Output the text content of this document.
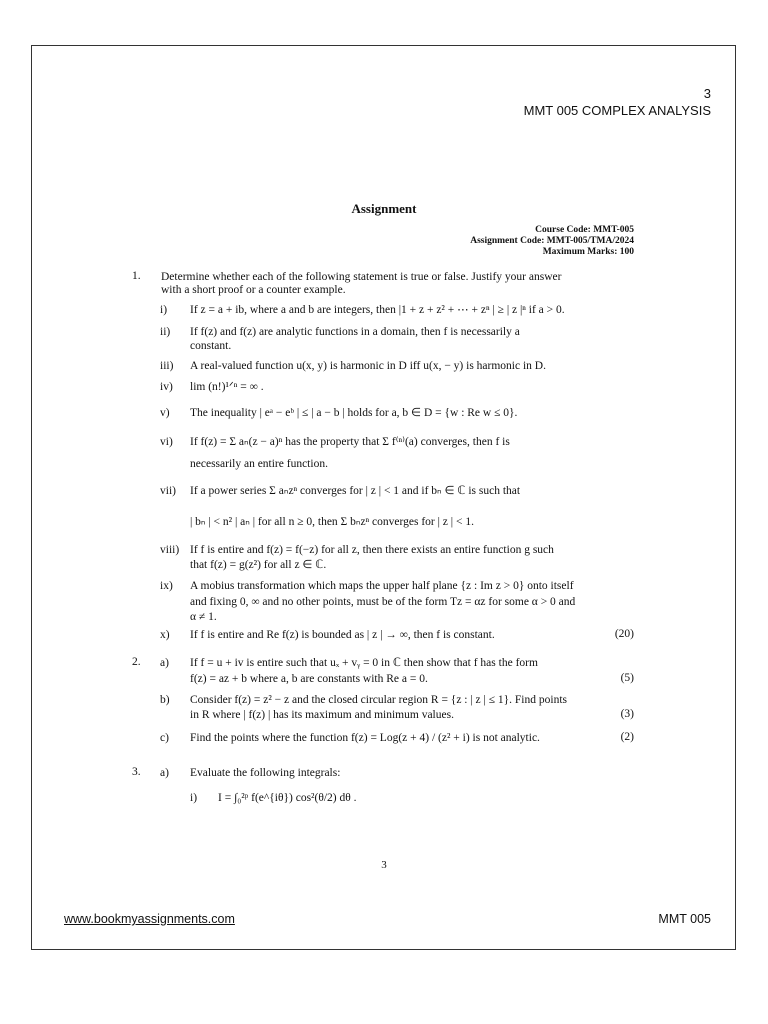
3
MMT 005 COMPLEX ANALYSIS
Assignment
Course Code: MMT-005
Assignment Code: MMT-005/TMA/2024
Maximum Marks: 100
1. Determine whether each of the following statement is true or false. Justify your answer
with a short proof or a counter example.
i) If z = a + ib, where a and b are integers, then |1 + z + z² + ⋯ + zⁿ | ≥ | z |ⁿ if a > 0.
ii) If f(z) and f(z) are analytic functions in a domain, then f is necessarily a
constant.
iii) A real-valued function u(x, y) is harmonic in D iff u(x, − y) is harmonic in D.
iv) lim (n!)¹ᐟⁿ = ∞ .
v) The inequality | eᵃ − eᵇ | ≤ | a − b | holds for a, b ∈ D = {w : Re w ≤ 0}.
vi) If f(z) = Σ aₙ(z − a)ⁿ has the property that Σ f⁽ⁿ⁾(a) converges, then f is
necessarily an entire function.
vii) If a power series Σ aₙzⁿ converges for | z | < 1 and if bₙ ∈ ℂ is such that
| bₙ | < n² | aₙ | for all n ≥ 0, then Σ bₙzⁿ converges for | z | < 1.
viii) If f is entire and f(z) = f(−z) for all z, then there exists an entire function g such
that f(z) = g(z²) for all z ∈ ℂ.
ix) A mobius transformation which maps the upper half plane {z : Im z > 0} onto itself
and fixing 0, ∞ and no other points, must be of the form Tz = αz for some α > 0 and
α ≠ 1.
x) If f is entire and Re f(z) is bounded as | z | → ∞, then f is constant.	(20)
2. a) If f = u + iv is entire such that uₓ + vᵧ = 0 in ℂ then show that f has the form
f(z) = az + b where a, b are constants with Re a = 0.	(5)
b) Consider f(z) = z² − z and the closed circular region R = {z : | z | ≤ 1}. Find points
in R where | f(z) | has its maximum and minimum values.	(3)
c) Find the points where the function f(z) = Log(z + 4) / (z² + i) is not analytic.	(2)
3. a) Evaluate the following integrals:
i) I = ∫₀²ᵖ f(e^{iθ}) cos²(θ/2) dθ .
3
www.bookmyassignments.com	MMT 005
